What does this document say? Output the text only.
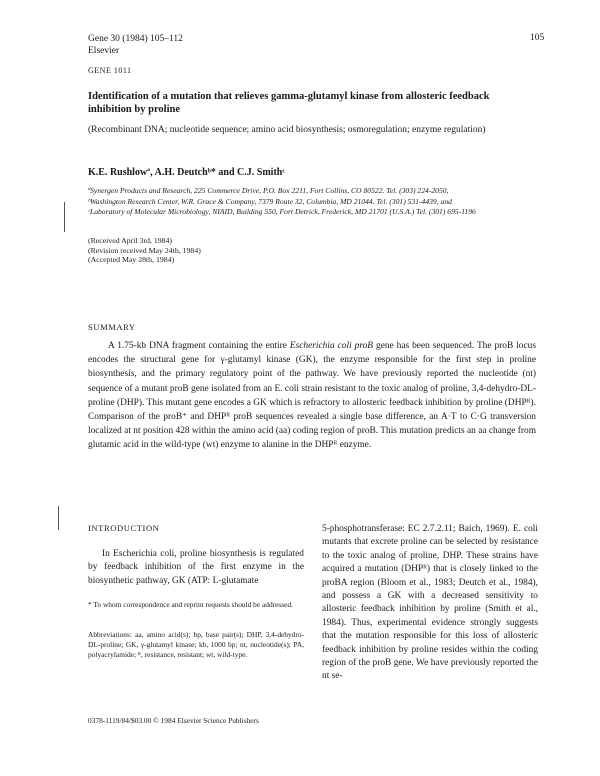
Gene 30 (1984) 105–112
Elsevier
105
GENE 1011
Identification of a mutation that relieves gamma-glutamyl kinase from allosteric feedback inhibition by proline
(Recombinant DNA; nucleotide sequence; amino acid biosynthesis; osmoregulation; enzyme regulation)
K.E. Rushlowª, A.H. Deutchᵇ* and C.J. Smithᶜ
ªSynergen Products and Research, 225 Commerce Drive, P.O. Box 2211, Fort Collins, CO 80522. Tel. (303) 224-2050,
ᵇWashington Research Center, W.R. Grace & Company, 7379 Route 32, Columbia, MD 21044. Tel. (301) 531-4439, and
ᶜLaboratory of Molecular Microbiology, NIAID, Building 550, Fort Detrick, Frederick, MD 21701 (U.S.A.) Tel. (301) 695-1196
(Received April 3rd, 1984)
(Revision received May 24th, 1984)
(Accepted May 28th, 1984)
SUMMARY
A 1.75-kb DNA fragment containing the entire Escherichia coli proB gene has been sequenced. The proB locus encodes the structural gene for γ-glutamyl kinase (GK), the enzyme responsible for the first step in proline biosynthesis, and the primary regulatory point of the pathway. We have previously reported the nucleotide (nt) sequence of a mutant proB gene isolated from an E. coli strain resistant to the toxic analog of proline, 3,4-dehydro-DL-proline (DHP). This mutant gene encodes a GK which is refractory to allosteric feedback inhibition by proline (DHPᴿ). Comparison of the proB⁺ and DHPᴿ proB sequences revealed a single base difference, an A·T to C·G transversion localized at nt position 428 within the amino acid (aa) coding region of proB. This mutation predicts an aa change from glutamic acid in the wild-type (wt) enzyme to alanine in the DHPᴿ enzyme.
INTRODUCTION
In Escherichia coli, proline biosynthesis is regulated by feedback inhibition of the first enzyme in the biosynthetic pathway, GK (ATP: L-glutamate
5-phosphotransferase: EC 2.7.2.11; Baich, 1969). E. coli mutants that excrete proline can be selected by resistance to the toxic analog of proline, DHP. These strains have acquired a mutation (DHPᴿ) that is closely linked to the proBA region (Bloom et al., 1983; Deutch et al., 1984), and possess a GK with a decreased sensitivity to allosteric feedback inhibition by proline (Smith et al., 1984). Thus, experimental evidence strongly suggests that the mutation responsible for this loss of allosteric feedback inhibition by proline resides within the coding region of the proB gene. We have previously reported the nt se-
* To whom correspondence and reprint requests should be addressed.
Abbreviations: aa, amino acid(s); bp, base pair(s); DHP, 3,4-dehydro-DL-proline; GK, γ-glutamyl kinase; kb, 1000 bp; nt, nucleotide(s); PA, polyacrylamide; ᴿ, resistance, resistant; wt, wild-type.
0378-1119/84/$03.00 © 1984 Elsevier Science Publishers
